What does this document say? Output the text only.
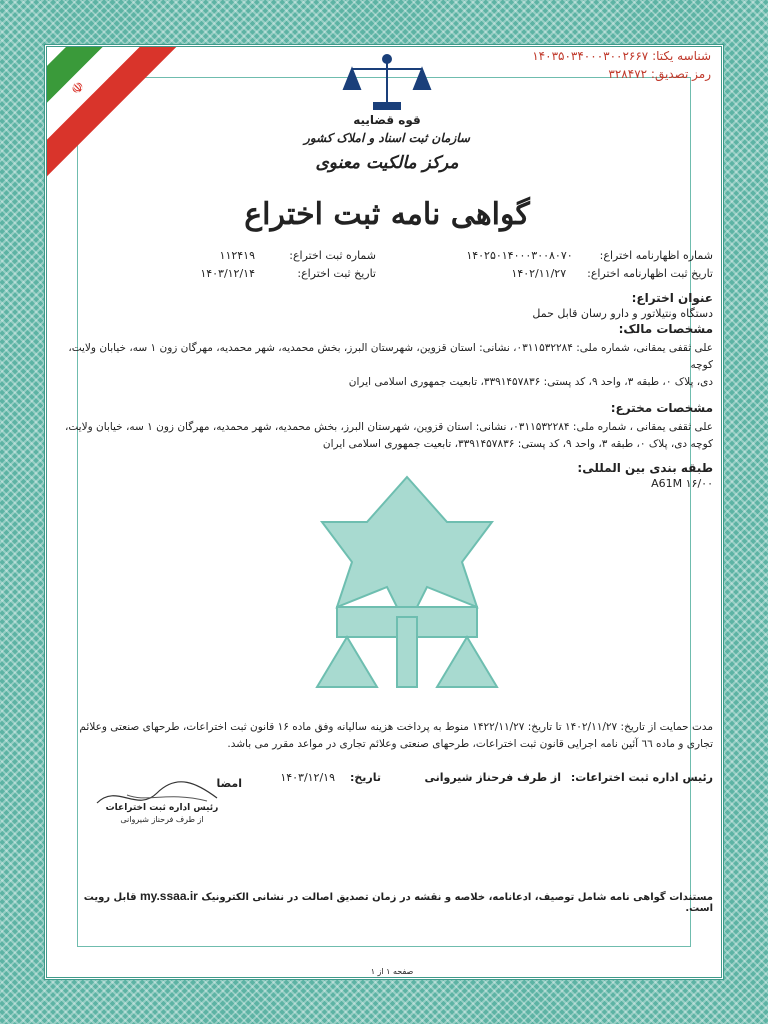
☫
شناسه یکتا: ۱۴۰۳۵۰۳۴۰۰۰۳۰۰۲۶۶۷
رمز تصدیق: ۳۲۸۴۷۲
قوه قضاییه
سازمان ثبت اسناد و املاک کشور
مرکز مالکیت معنوی
گواهی نامه ثبت اختراع
شماره اظهارنامه اختراع:  ۱۴۰۲۵۰۱۴۰۰۰۳۰۰۸۰۷۰
شماره ثبت اختراع:
۱۱۲۴۱۹
تاریخ ثبت اظهارنامه اختراع:  ۱۴۰۲/۱۱/۲۷
تاریخ ثبت اختراع:
۱۴۰۳/۱۲/۱۴
عنوان اختراع:
دستگاه ونتیلاتور و دارو رسان قابل حمل
مشخصات مالک:
علی ثقفی یمقانی، شماره ملی: ۰۳۱۱۵۳۲۲۸۴، نشانی: استان قزوین، شهرستان البرز، بخش محمدیه، شهر محمدیه، مهرگان زون ۱ سه، خیابان ولایت، کوچه
دی، پلاک ۰، طبقه ۳، واحد ۹، کد پستی: ۳۳۹۱۴۵۷۸۳۶، تابعیت جمهوری اسلامی ایران
مشخصات مخترع:
علی ثقفی یمقانی ، شماره ملی: ۰۳۱۱۵۳۲۲۸۴، نشانی: استان قزوین، شهرستان البرز، بخش محمدیه، شهر محمدیه، مهرگان زون ۱ سه، خیابان ولایت،
کوچه دی، پلاک ۰، طبقه ۳، واحد ۹، کد پستی: ۳۳۹۱۴۵۷۸۳۶، تابعیت جمهوری اسلامی ایران
طبقه بندی بین المللی:
A61M ۱۶/۰۰
مدت حمایت از تاریخ: ۱۴۰۲/۱۱/۲۷ تا تاریخ: ۱۴۲۲/۱۱/۲۷ منوط به پرداخت هزینه سالیانه وفق ماده ۱۶ قانون ثبت اختراعات، طرحهای صنعتی وعلائم
تجاری و ماده ٦٦ آئین نامه اجرایی قانون ثبت اختراعات، طرحهای صنعتی وعلائم تجاری در مواعد مقرر می باشد.
رئیس اداره ثبت اختراعات:
از طرف فرحناز شیروانی
تاریخ:
۱۴۰۳/۱۲/۱۹
امضا
رئیس اداره ثبت اختراعات
از طرف فرحناز شیروانی
مستندات گواهی نامه شامل توصیف، ادعانامه، خلاصه و نقشه در زمان تصدیق اصالت در نشانی الکترونیک my.ssaa.ir قابل رویت است.
صفحه ۱ از ۱
